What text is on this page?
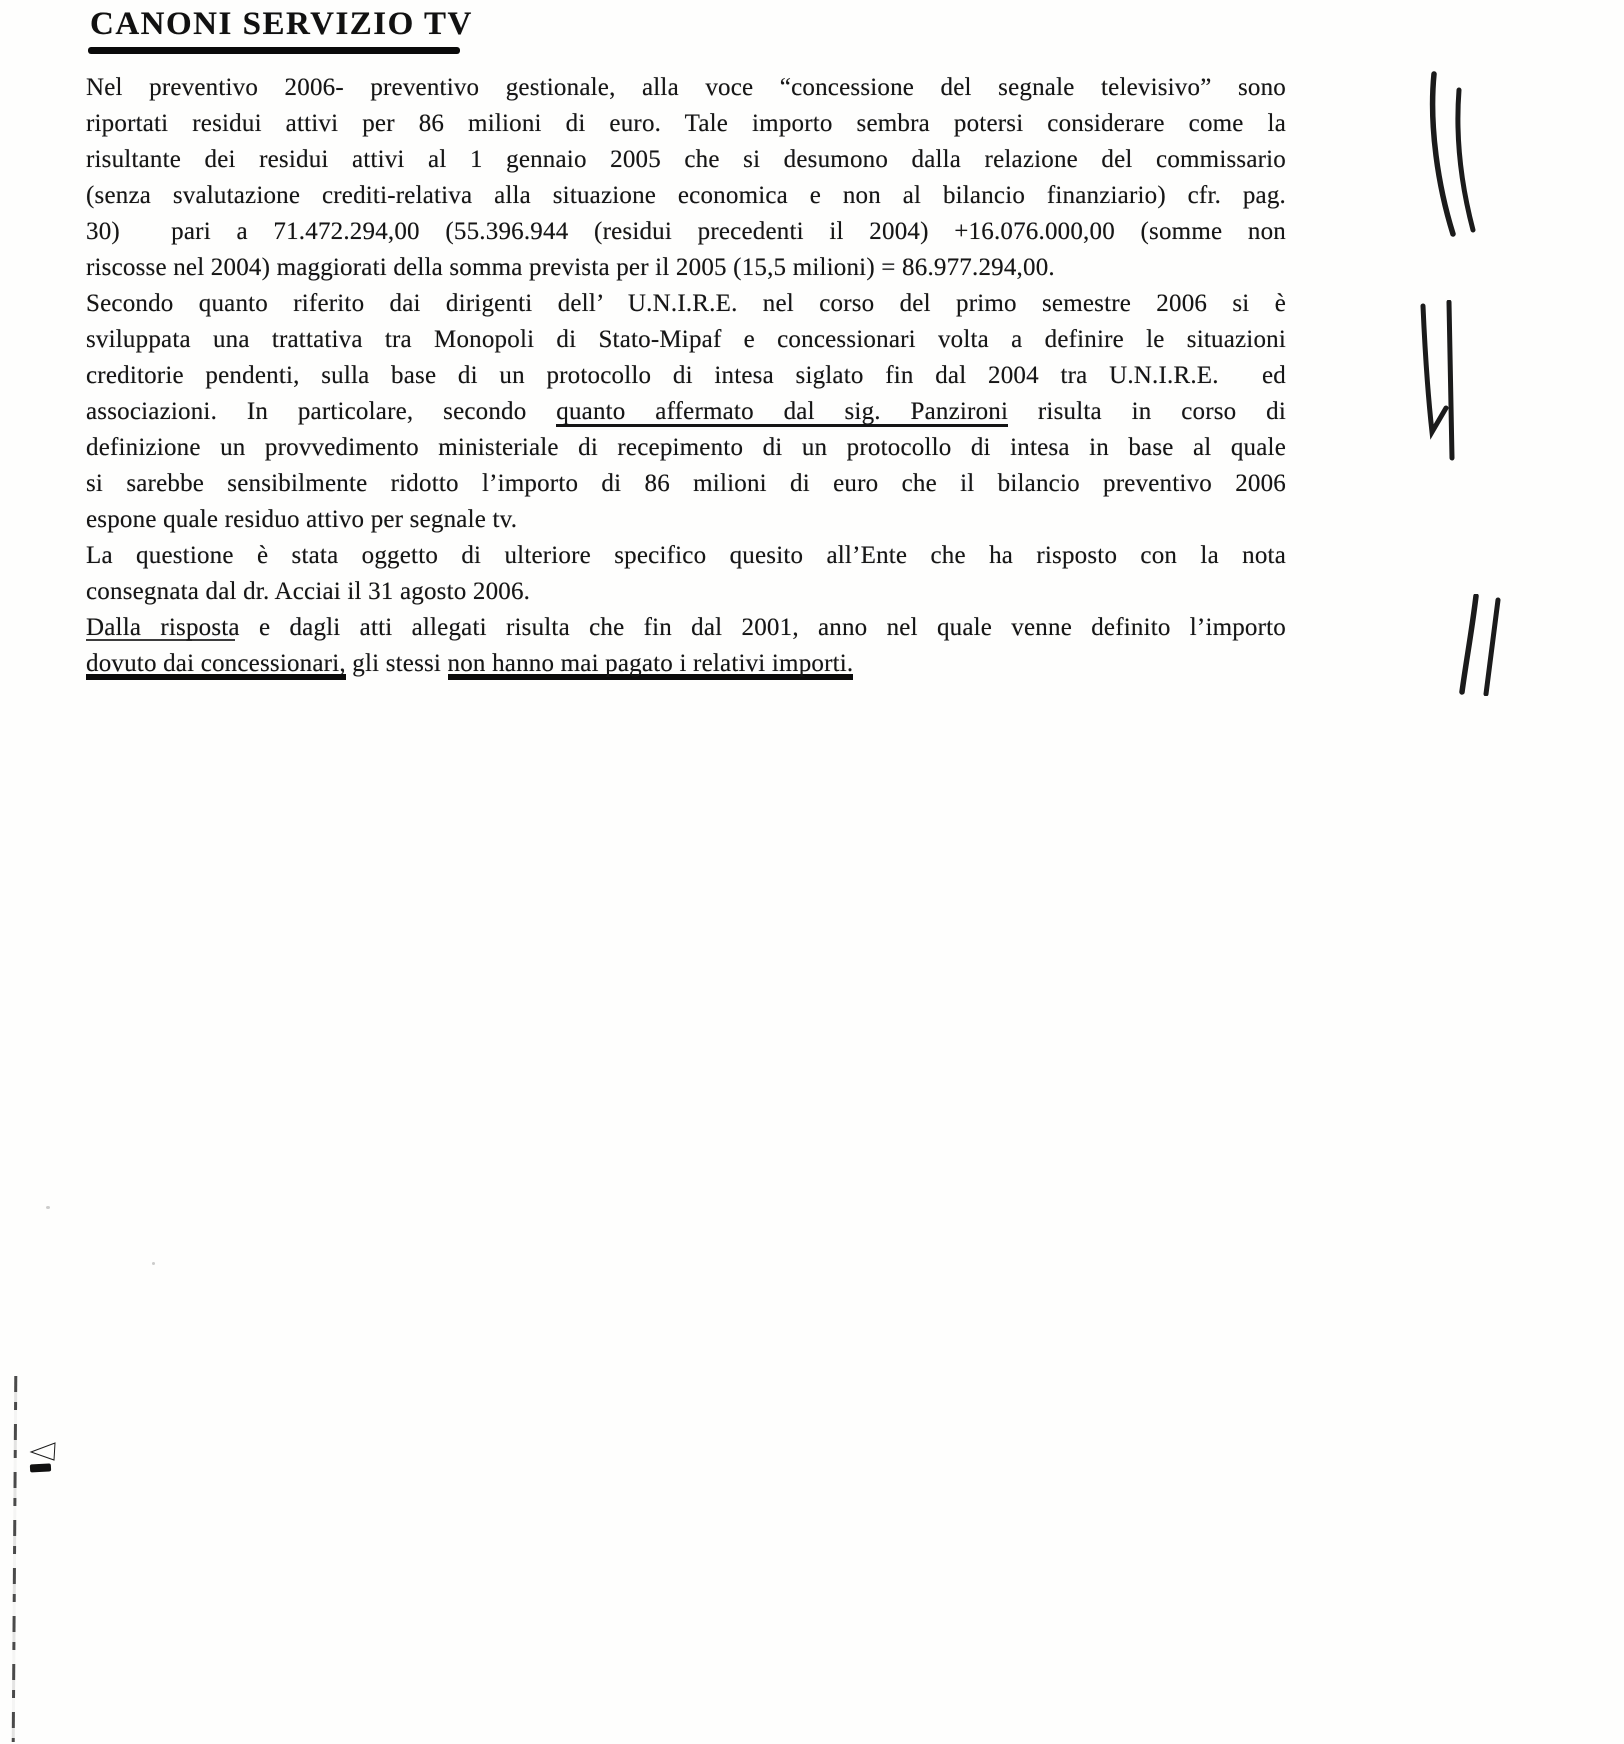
CANONI SERVIZIO TV
Nel preventivo 2006- preventivo gestionale, alla voce “concessione del segnale televisivo” sono
riportati residui attivi per 86 milioni di euro. Tale importo sembra potersi considerare come la
risultante dei residui attivi al 1 gennaio 2005 che si desumono dalla relazione del commissario
(senza svalutazione crediti-relativa alla situazione economica e non al bilancio finanziario) cfr. pag.
30)  pari a 71.472.294,00 (55.396.944 (residui precedenti il 2004) +16.076.000,00 (somme non
riscosse nel 2004) maggiorati della somma prevista per il 2005 (15,5 milioni) = 86.977.294,00.
Secondo quanto riferito dai dirigenti dell’ U.N.I.R.E. nel corso del primo semestre 2006 si è
sviluppata una trattativa tra Monopoli di Stato-Mipaf e concessionari volta a definire le situazioni
creditorie pendenti, sulla base di un protocollo di intesa siglato fin dal 2004 tra U.N.I.R.E.  ed
associazioni. In particolare, secondo quanto affermato dal sig. Panzironi risulta in corso di
definizione un provvedimento ministeriale di recepimento di un protocollo di intesa in base al quale
si sarebbe sensibilmente ridotto l’importo di 86 milioni di euro che il bilancio preventivo 2006
espone quale residuo attivo per segnale tv.
La questione è stata oggetto di ulteriore specifico quesito all’Ente che ha risposto con la nota
consegnata dal dr. Acciai il 31 agosto 2006.
Dalla risposta e dagli atti allegati risulta che fin dal 2001, anno nel quale venne definito l’importo
dovuto dai concessionari, gli stessi non hanno mai pagato i relativi importi.
